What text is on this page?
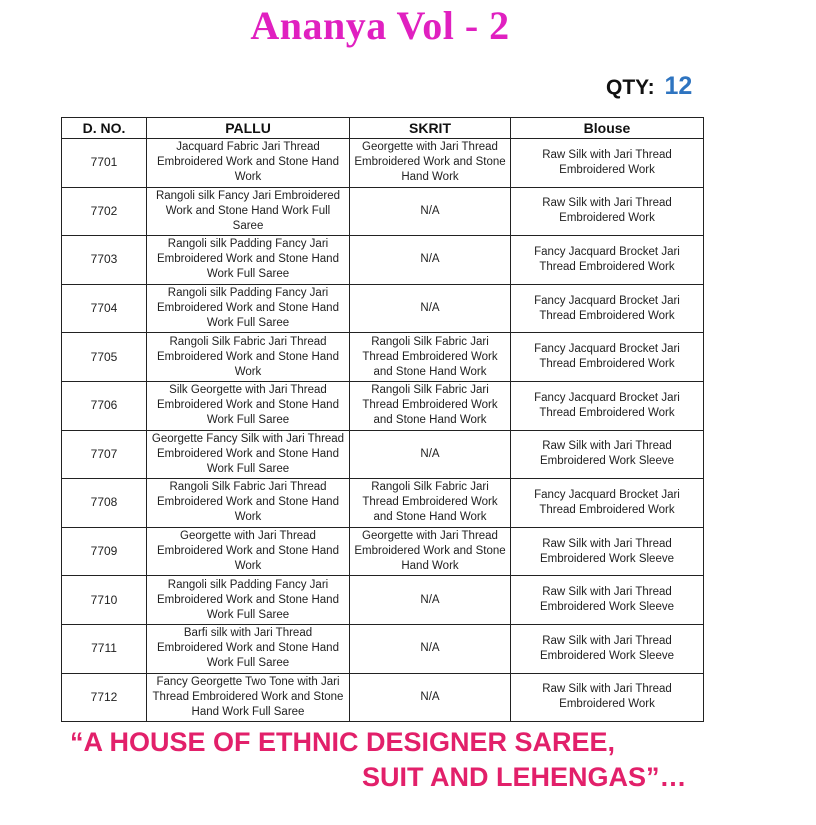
Ananya Vol - 2
QTY: 12
D. NO.	PALLU	SKRIT	Blouse
7701	Jacquard Fabric Jari Thread Embroidered Work and Stone Hand Work	Georgette with Jari Thread Embroidered Work and Stone Hand Work	Raw Silk with Jari Thread Embroidered Work
7702	Rangoli silk Fancy Jari Embroidered Work and Stone Hand Work Full Saree	N/A	Raw Silk with Jari Thread Embroidered Work
7703	Rangoli silk Padding Fancy Jari Embroidered Work and Stone Hand Work Full Saree	N/A	Fancy Jacquard Brocket Jari Thread Embroidered Work
7704	Rangoli silk Padding Fancy Jari Embroidered Work and Stone Hand Work Full Saree	N/A	Fancy Jacquard Brocket Jari Thread Embroidered Work
7705	Rangoli Silk Fabric Jari Thread Embroidered Work and Stone Hand Work	Rangoli Silk Fabric Jari Thread Embroidered Work and Stone Hand Work	Fancy Jacquard Brocket Jari Thread Embroidered Work
7706	Silk Georgette with Jari Thread Embroidered Work and Stone Hand Work Full Saree	Rangoli Silk Fabric Jari Thread Embroidered Work and Stone Hand Work	Fancy Jacquard Brocket Jari Thread Embroidered Work
7707	Georgette Fancy Silk with Jari Thread Embroidered Work and Stone Hand Work Full Saree	N/A	Raw Silk with Jari Thread Embroidered Work Sleeve
7708	Rangoli Silk Fabric Jari Thread Embroidered Work and Stone Hand Work	Rangoli Silk Fabric Jari Thread Embroidered Work and Stone Hand Work	Fancy Jacquard Brocket Jari Thread Embroidered Work
7709	Georgette with Jari Thread Embroidered Work and Stone Hand Work	Georgette with Jari Thread Embroidered Work and Stone Hand Work	Raw Silk with Jari Thread Embroidered Work Sleeve
7710	Rangoli silk Padding Fancy Jari Embroidered Work and Stone Hand Work Full Saree	N/A	Raw Silk with Jari Thread Embroidered Work Sleeve
7711	Barfi silk with Jari Thread Embroidered Work and Stone Hand Work Full Saree	N/A	Raw Silk with Jari Thread Embroidered Work Sleeve
7712	Fancy Georgette Two Tone with Jari Thread Embroidered Work and Stone Hand Work Full Saree	N/A	Raw Silk with Jari Thread Embroidered Work
“A HOUSE OF ETHNIC DESIGNER SAREE,
SUIT AND LEHENGAS”…
